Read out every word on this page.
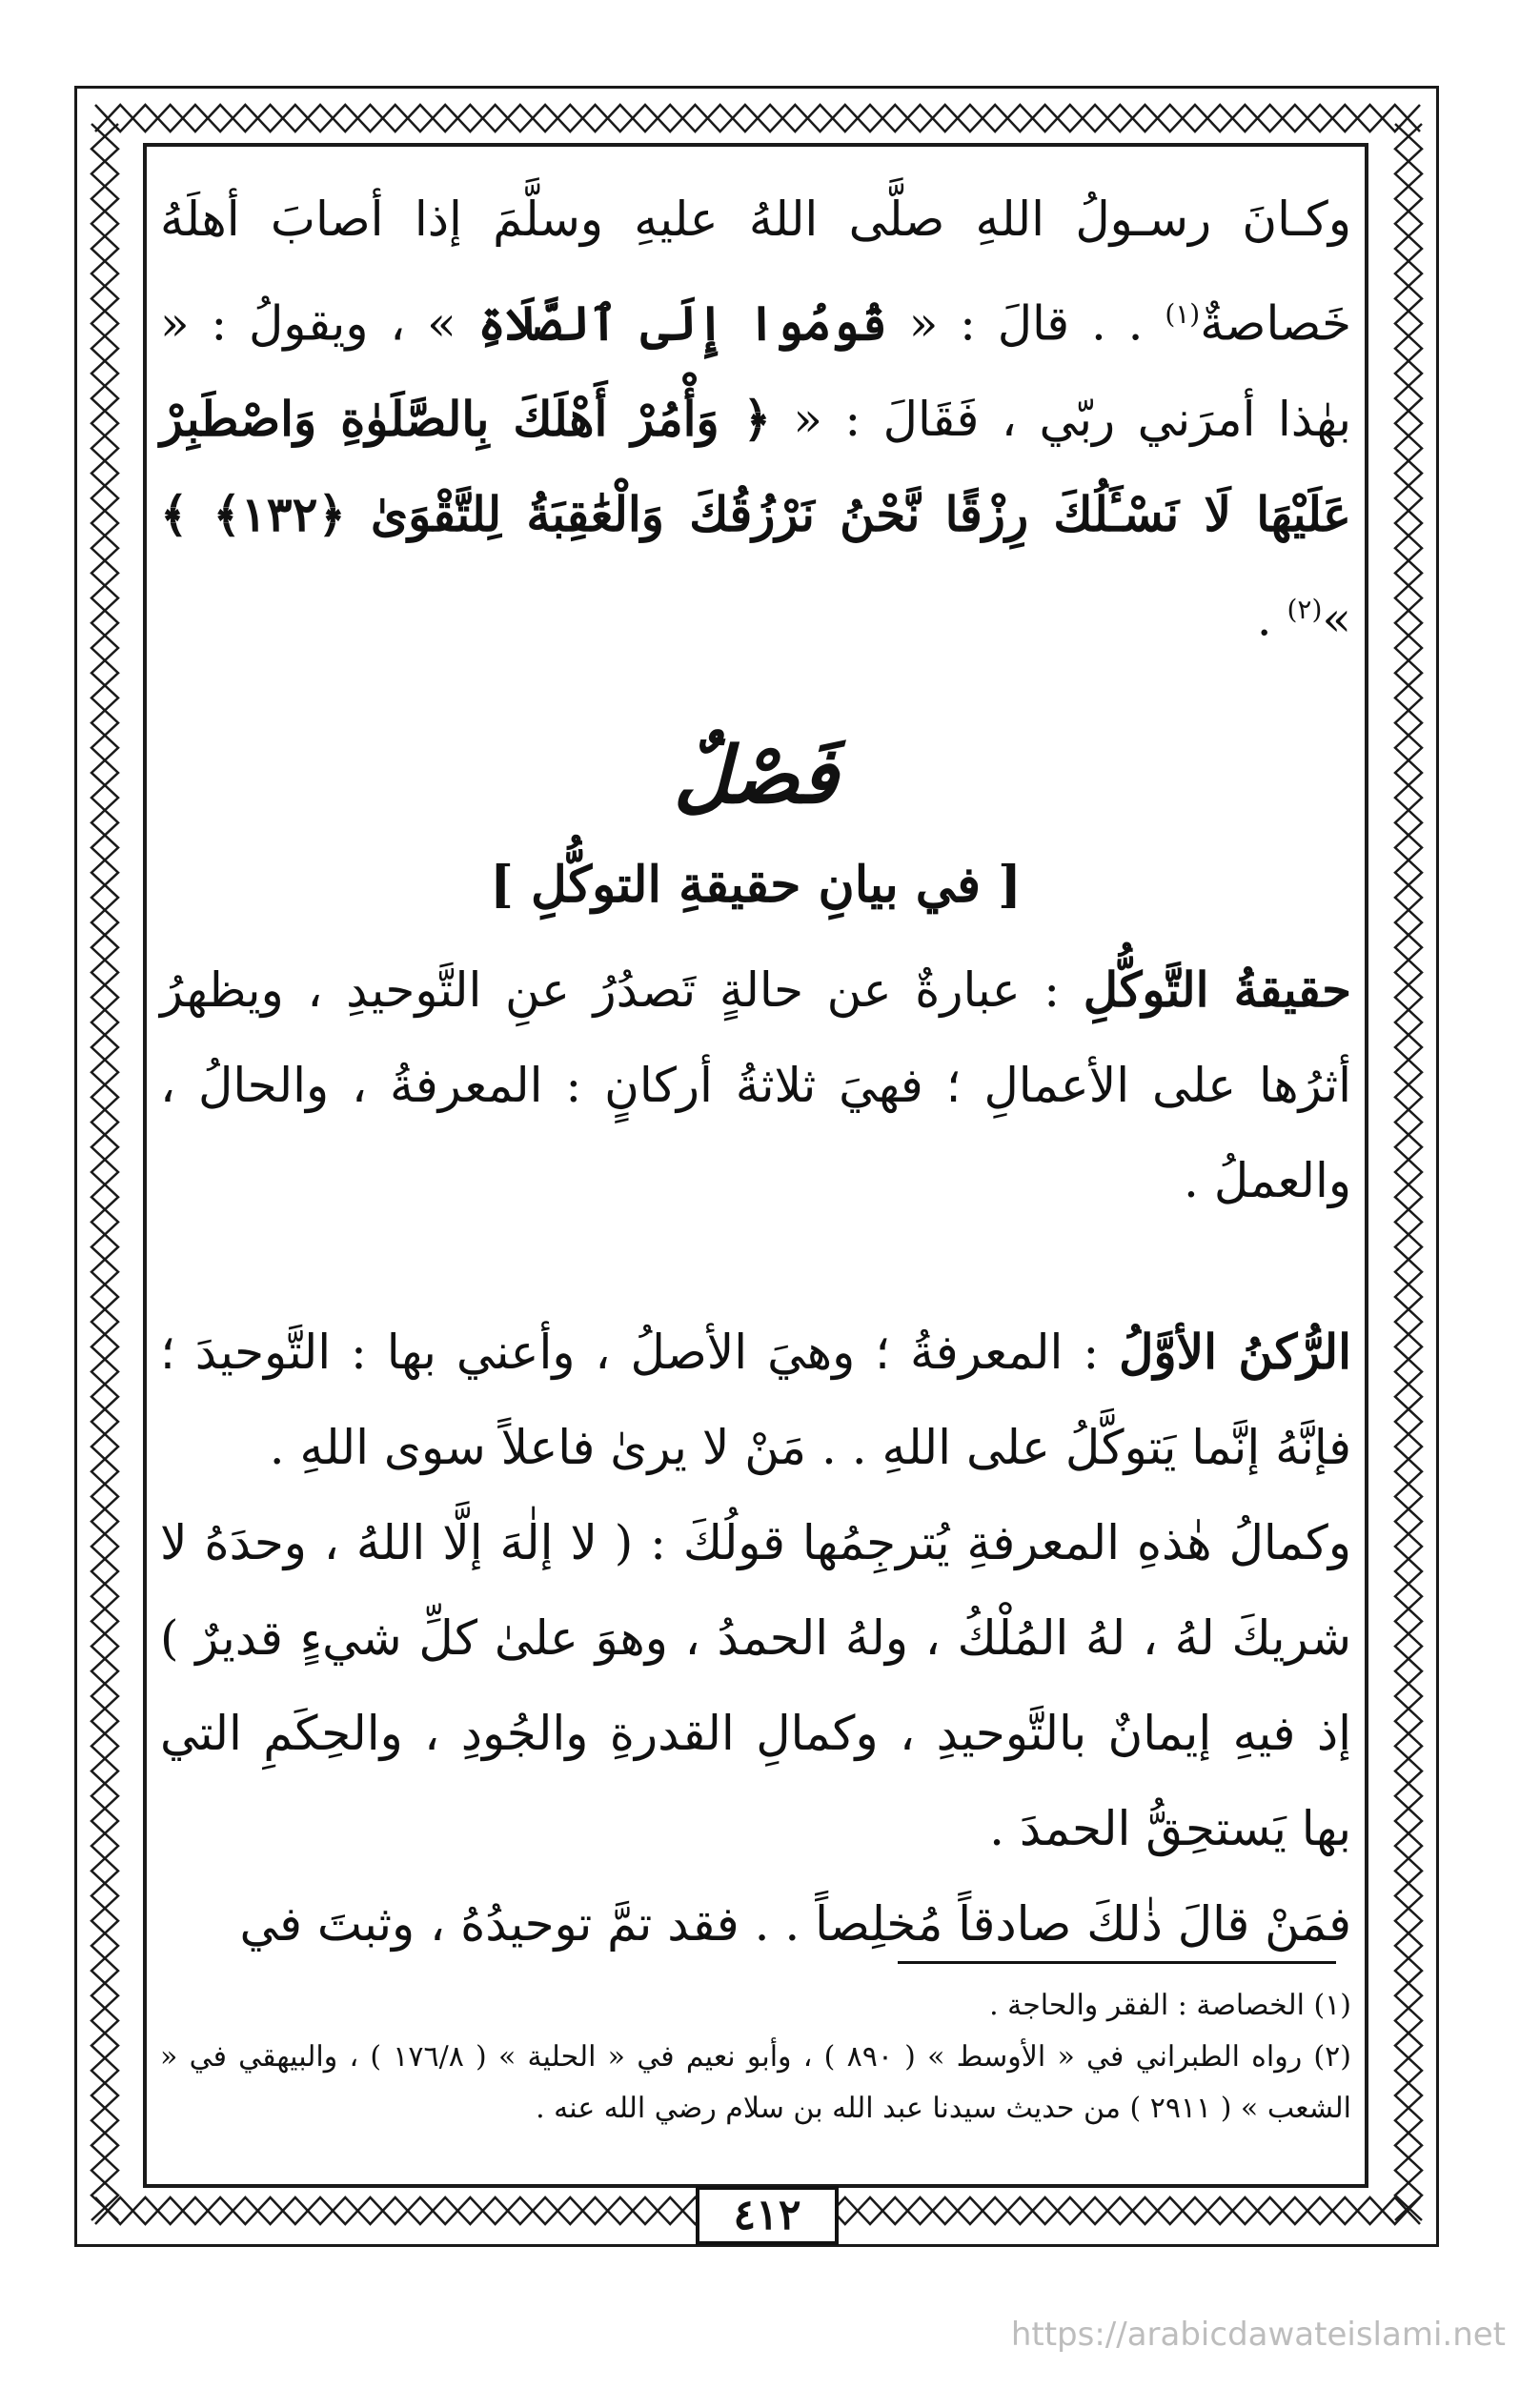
وكـانَ رسـولُ اللهِ صلَّى اللهُ عليهِ وسلَّمَ إذا أصابَ أهلَهُ خَصاصةٌ$^{(١)}$ . . قالَ : « قُومُوا إِلَى ٱلصَّلَاةِ » ، ويقولُ : « بهٰذا أمرَني ربّي ، فَقَالَ : « ﴿ وَأْمُرْ أَهْلَكَ بِالصَّلَوٰةِ وَاصْطَبِرْ عَلَيْهَا لَا نَسْـَٔلُكَ رِزْقًا نَّحْنُ نَرْزُقُكَ وَالْعَٰقِبَةُ لِلتَّقْوَىٰ ﴿١٣٢﴾ ﴾ »$^{(٢)}$ .

فَصْلٌ
[ في بيانِ حقيقةِ التوكُّلِ ]

حقيقةُ التَّوكُّلِ : عبارةٌ عن حالةٍ تَصدُرُ عنِ التَّوحيدِ ، ويظهرُ أثرُها على الأعمالِ ؛ فهيَ ثلاثةُ أركانٍ : المعرفةُ ، والحالُ ، والعملُ .

الرُّكنُ الأوَّلُ : المعرفةُ ؛ وهيَ الأصلُ ، وأعني بها : التَّوحيدَ ؛ فإنَّهُ إنَّما يَتوكَّلُ على اللهِ . . مَنْ لا يرىٰ فاعلاً سوى اللهِ .

وكمالُ هٰذهِ المعرفةِ يُترجِمُها قولُكَ : ( لا إلٰهَ إلَّا اللهُ ، وحدَهُ لا شريكَ لهُ ، لهُ المُلْكُ ، ولهُ الحمدُ ، وهوَ علىٰ كلِّ شيءٍ قديرٌ ) إذ فيهِ إيمانٌ بالتَّوحيدِ ، وكمالِ القدرةِ والجُودِ ، والحِكَمِ التي بها يَستحِقُّ الحمدَ .

فمَنْ قالَ ذٰلكَ صادقاً مُخلِصاً . . فقد تمَّ توحيدُهُ ، وثبتَ في

(١) الخصاصة : الفقر والحاجة .

(٢) رواه الطبراني في « الأوسط » ( ٨٩٠ ) ، وأبو نعيم في « الحلية » ( ١٧٦/٨ ) ، والبيهقي في « الشعب » ( ٢٩١١ ) من حديث سيدنا عبد الله بن سلام رضي الله عنه .

٤١٢
https://arabicdawateislami.net
